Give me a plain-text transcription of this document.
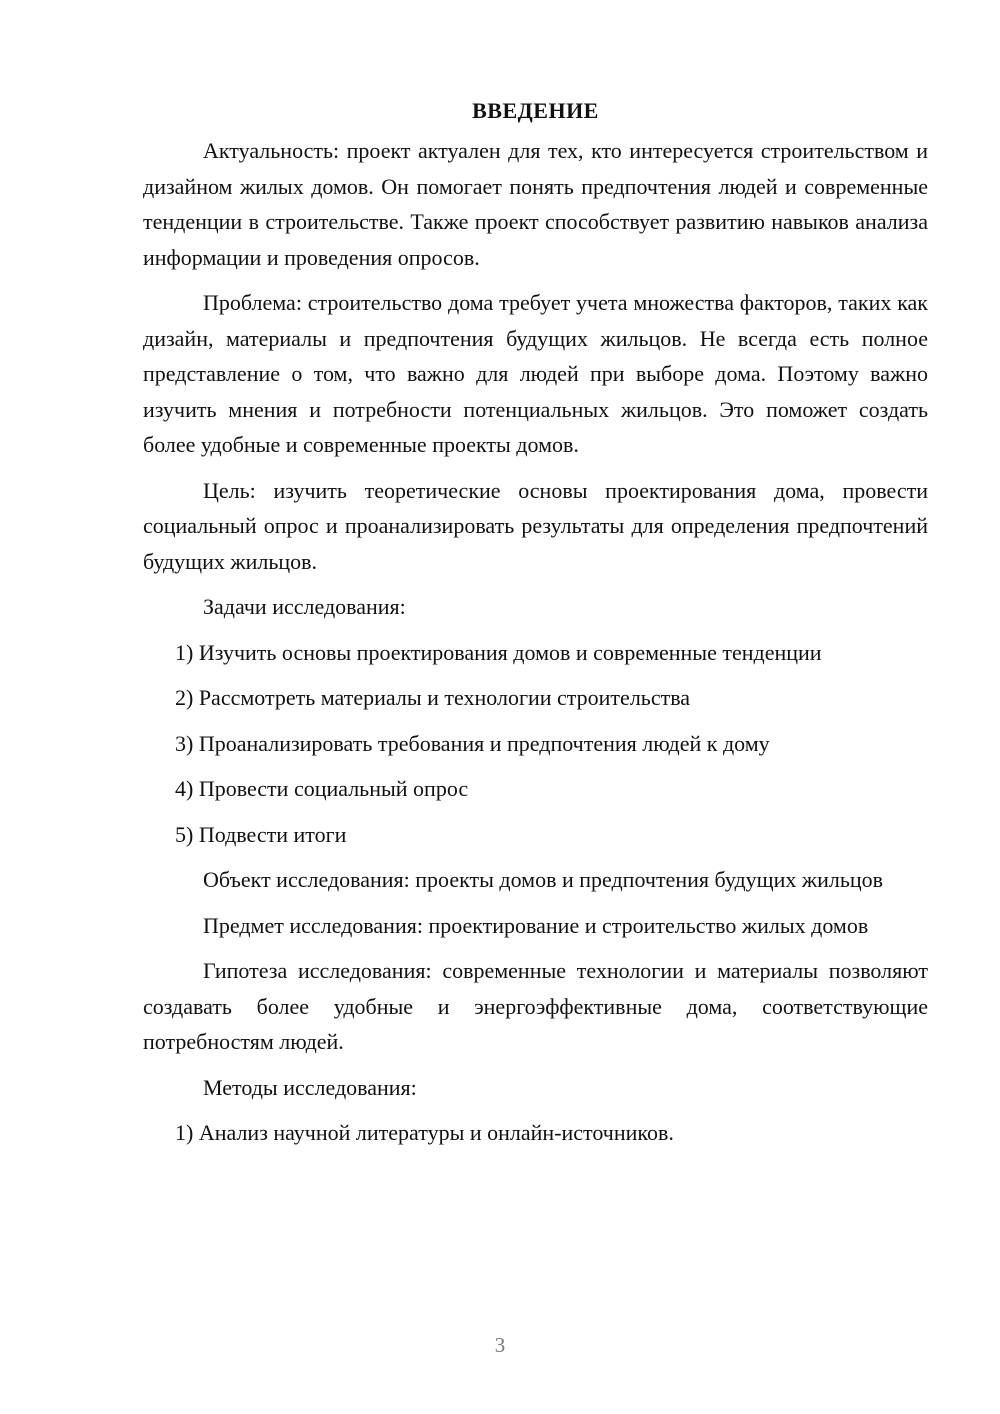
ВВЕДЕНИЕ

Актуальность: проект актуален для тех, кто интересуется строительством и дизайном жилых домов. Он помогает понять предпочтения людей и современные тенденции в строительстве. Также проект способствует развитию навыков анализа информации и проведения опросов.

Проблема: строительство дома требует учета множества факторов, таких как дизайн, материалы и предпочтения будущих жильцов. Не всегда есть полное представление о том, что важно для людей при выборе дома. Поэтому важно изучить мнения и потребности потенциальных жильцов. Это поможет создать более удобные и современные проекты домов.

Цель: изучить теоретические основы проектирования дома, провести социальный опрос и проанализировать результаты для определения предпочтений будущих жильцов.

Задачи исследования:

1) Изучить основы проектирования домов и современные тенденции
2) Рассмотреть материалы и технологии строительства
3) Проанализировать требования и предпочтения людей к дому
4) Провести социальный опрос
5) Подвести итоги

Объект исследования: проекты домов и предпочтения будущих жильцов

Предмет исследования: проектирование и строительство жилых домов

Гипотеза исследования: современные технологии и материалы позволяют создавать более удобные и энергоэффективные дома, соответствующие потребностям людей.

Методы исследования:

1) Анализ научной литературы и онлайн-источников.
3
